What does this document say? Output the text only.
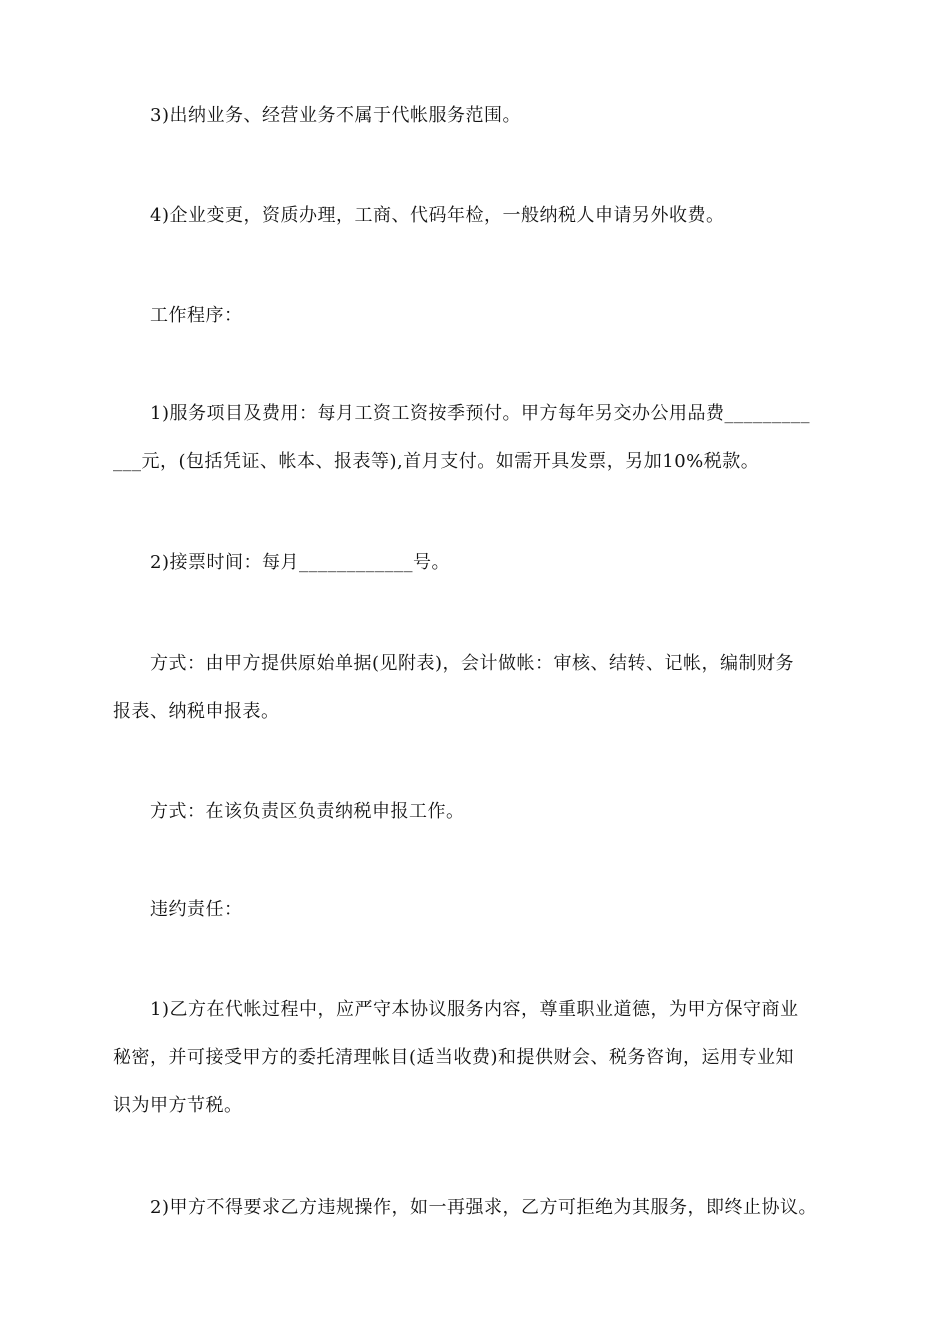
3)出纳业务、经营业务不属于代帐服务范围。
4)企业变更，资质办理，工商、代码年检，一般纳税人申请另外收费。
工作程序：
1)服务项目及费用：每月工资工资按季预付。甲方每年另交办公用品费_________
___元，(包括凭证、帐本、报表等),首月支付。如需开具发票，另加10%税款。
2)接票时间：每月____________号。
方式：由甲方提供原始单据(见附表)，会计做帐：审核、结转、记帐，编制财务
报表、纳税申报表。
方式：在该负责区负责纳税申报工作。
违约责任：
1)乙方在代帐过程中，应严守本协议服务内容，尊重职业道德，为甲方保守商业
秘密，并可接受甲方的委托清理帐目(适当收费)和提供财会、税务咨询，运用专业知
识为甲方节税。
2)甲方不得要求乙方违规操作，如一再强求，乙方可拒绝为其服务，即终止协议。
